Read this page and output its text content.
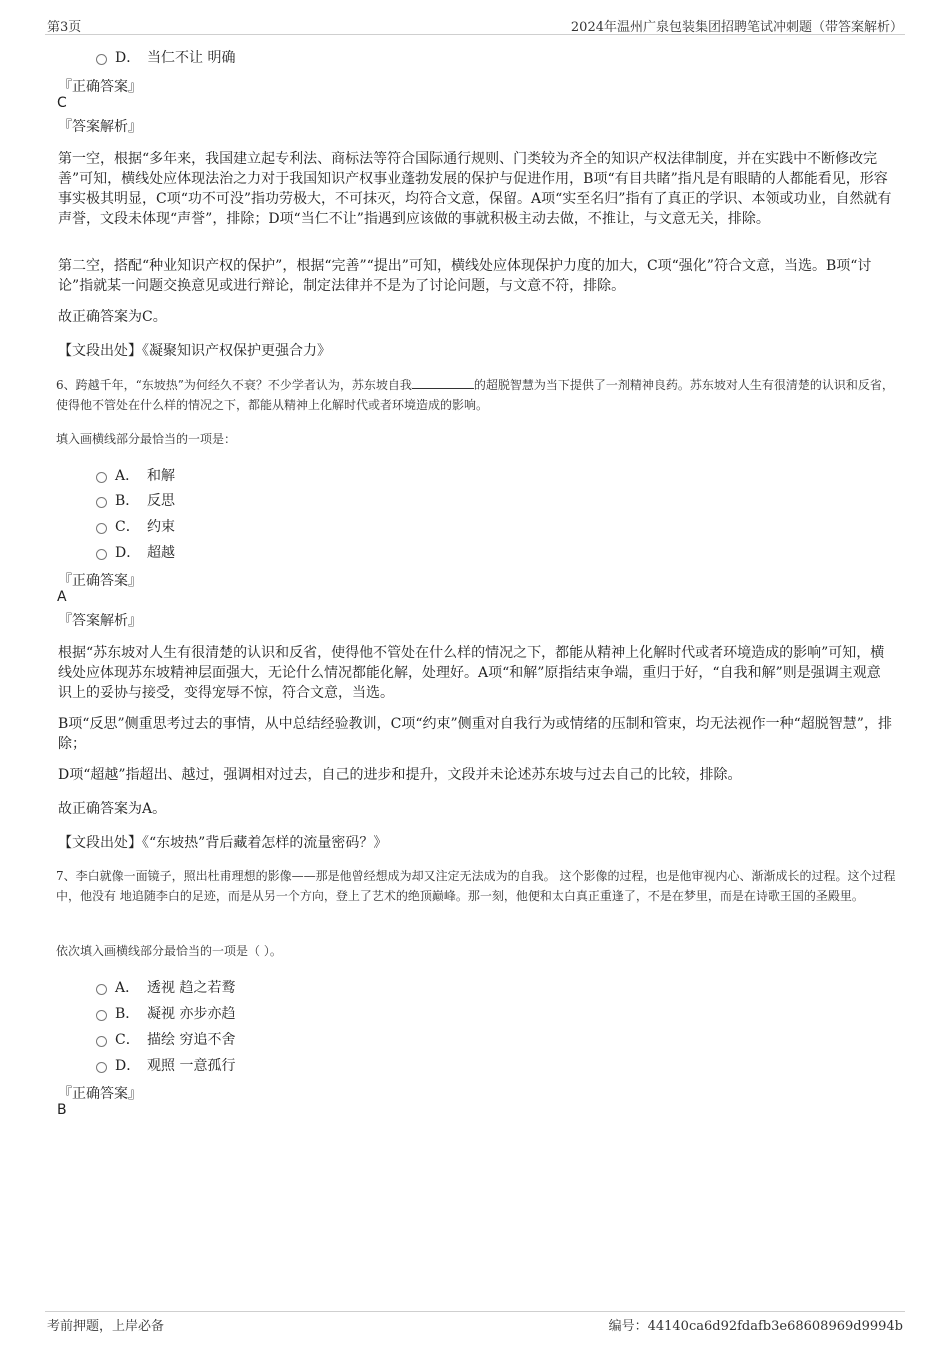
第3页	2024年温州广泉包装集团招聘笔试冲刺题（带答案解析）
D． 当仁不让 明确
『正确答案』
C
『答案解析』
第一空，根据“多年来，我国建立起专利法、商标法等符合国际通行规则、门类较为齐全的知识产权法律制度，并在实践中不断修改完善”可知，横线处应体现法治之力对于我国知识产权事业蓬勃发展的保护与促进作用，B项“有目共睹”指凡是有眼睛的人都能看见，形容事实极其明显，C项“功不可没”指功劳极大，不可抹灭，均符合文意，保留。A项“实至名归”指有了真正的学识、本领或功业，自然就有声誉，文段未体现“声誉”，排除；D项“当仁不让”指遇到应该做的事就积极主动去做，不推让，与文意无关，排除。
第二空，搭配“种业知识产权的保护”，根据“完善”“提出”可知，横线处应体现保护力度的加大，C项“强化”符合文意，当选。B项“讨论”指就某一问题交换意见或进行辩论，制定法律并不是为了讨论问题，与文意不符，排除。
故正确答案为C。
【文段出处】《凝聚知识产权保护更强合力》
6、跨越千年，“东坡热”为何经久不衰？不少学者认为，苏东坡自我	的超脱智慧为当下提供了一剂精神良药。苏东坡对人生有很清楚的认识和反省，使得他不管处在什么样的情况之下，都能从精神上化解时代或者环境造成的影响。
填入画横线部分最恰当的一项是：
A． 和解
B． 反思
C． 约束
D． 超越
『正确答案』
A
『答案解析』
根据“苏东坡对人生有很清楚的认识和反省，使得他不管处在什么样的情况之下，都能从精神上化解时代或者环境造成的影响”可知，横线处应体现苏东坡精神层面强大，无论什么情况都能化解，处理好。A项“和解”原指结束争端，重归于好，“自我和解”则是强调主观意识上的妥协与接受，变得宠辱不惊，符合文意，当选。
B项“反思”侧重思考过去的事情，从中总结经验教训，C项“约束”侧重对自我行为或情绪的压制和管束，均无法视作一种“超脱智慧”，排除；
D项“超越”指超出、越过，强调相对过去，自己的进步和提升，文段并未论述苏东坡与过去自己的比较，排除。
故正确答案为A。
【文段出处】《“东坡热”背后藏着怎样的流量密码？》
7、李白就像一面镜子，照出杜甫理想的影像——那是他曾经想成为却又注定无法成为的自我。 这个影像的过程，也是他审视内心、渐渐成长的过程。这个过程中，他没有 地追随李白的足迹，而是从另一个方向，登上了艺术的绝顶巅峰。那一刻，他便和太白真正重逢了，不是在梦里，而是在诗歌王国的圣殿里。
依次填入画横线部分最恰当的一项是（ ）。
A． 透视 趋之若鹜
B． 凝视 亦步亦趋
C． 描绘 穷追不舍
D． 观照 一意孤行
『正确答案』
B
考前押题，上岸必备	编号：44140ca6d92fdafb3e68608969d9994b
